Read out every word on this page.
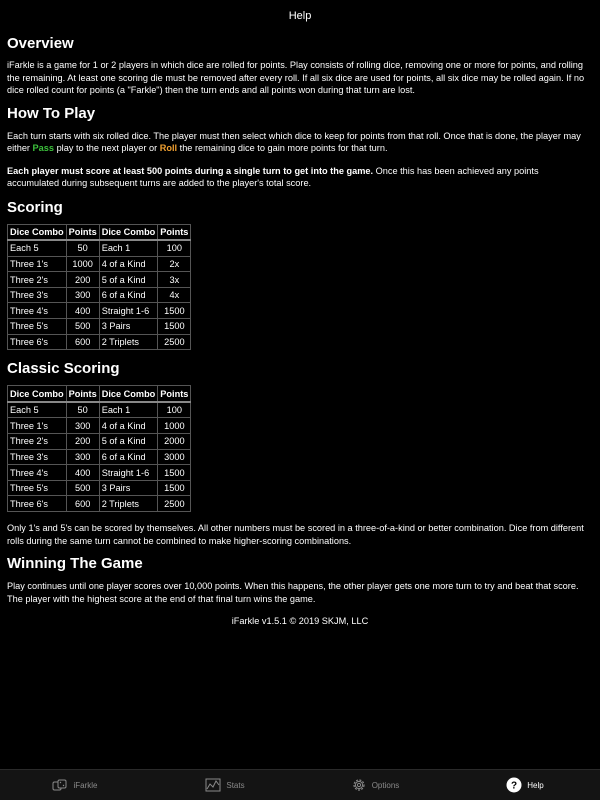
Help
Overview

iFarkle is a game for 1 or 2 players in which dice are rolled for points. Play consists of rolling dice, removing one or more for points, and rolling the remaining. At least one scoring die must be removed after every roll. If all six dice are used for points, all six dice may be rolled again. If no dice rolled count for points (a "Farkle") then the turn ends and all points won during that turn are lost.

How To Play

Each turn starts with six rolled dice. The player must then select which dice to keep for points from that roll. Once that is done, the player may either Pass play to the next player or Roll the remaining dice to gain more points for that turn.

Each player must score at least 500 points during a single turn to get into the game. Once this has been achieved any points accumulated during subsequent turns are added to the player's total score.

Scoring
Dice Combo	Points	Dice Combo	Points
Each 5	50	Each 1	100
Three 1's	1000	4 of a Kind	2x
Three 2's	200	5 of a Kind	3x
Three 3's	300	6 of a Kind	4x
Three 4's	400	Straight 1-6	1500
Three 5's	500	3 Pairs	1500
Three 6's	600	2 Triplets	2500
Classic Scoring
Dice Combo	Points	Dice Combo	Points
Each 5	50	Each 1	100
Three 1's	300	4 of a Kind	1000
Three 2's	200	5 of a Kind	2000
Three 3's	300	6 of a Kind	3000
Three 4's	400	Straight 1-6	1500
Three 5's	500	3 Pairs	1500
Three 6's	600	2 Triplets	2500

Only 1's and 5's can be scored by themselves. All other numbers must be scored in a three-of-a-kind or better combination. Dice from different rolls during the same turn cannot be combined to make higher-scoring combinations.

Winning The Game

Play continues until one player scores over 10,000 points. When this happens, the other player gets one more turn to try and beat that score. The player with the highest score at the end of that final turn wins the game.

iFarkle v1.5.1 © 2019 SKJM, LLC

iFarkle	Stats	Options	? Help
